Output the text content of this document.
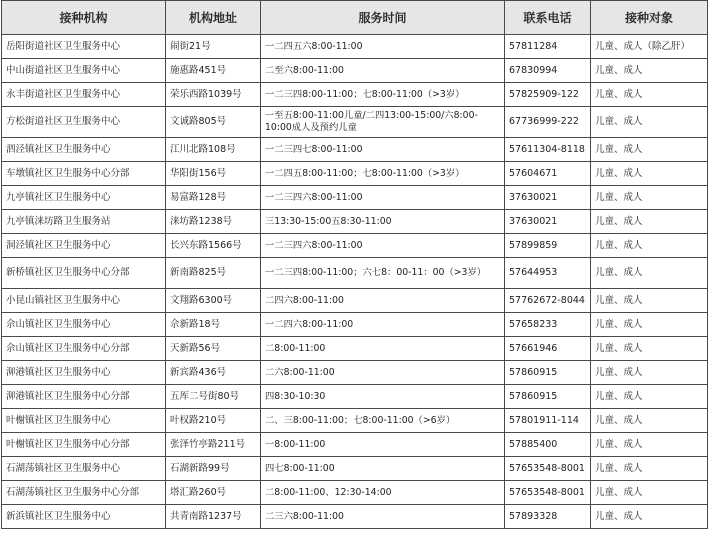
接种机构	机构地址	服务时间	联系电话	接种对象
岳阳街道社区卫生服务中心	闹街21号	一二四五六8:00-11:00	57811284	儿童、成人（除乙肝）
中山街道社区卫生服务中心	施惠路451号	二至六8:00-11:00	67830994	儿童、成人
永丰街道社区卫生服务中心	荣乐西路1039号	一二三四8:00-11:00；七8:00-11:00（>3岁）	57825909-122	儿童、成人
方松街道社区卫生服务中心	文诚路805号	一至五8:00-11:00儿童/二四13:00-15:00/六8:00-10:00成人及预约儿童	67736999-222	儿童、成人
泗泾镇社区卫生服务中心	江川北路108号	一二三四七8:00-11:00	57611304-8118	儿童、成人
车墩镇社区卫生服务中心分部	华阳街156号	一二四五8:00-11:00；七8:00-11:00（>3岁）	57604671	儿童、成人
九亭镇社区卫生服务中心	易富路128号	一二三四六8:00-11:00	37630021	儿童、成人
九亭镇涞坊路卫生服务站	涞坊路1238号	三13:30-15:00五8:30-11:00	37630021	儿童、成人
洞泾镇社区卫生服务中心	长兴东路1566号	一二三四六8:00-11:00	57899859	儿童、成人
新桥镇社区卫生服务中心分部	新南路825号	一二三四8:00-11:00；六七8：00-11：00（>3岁）	57644953	儿童、成人
小昆山镇社区卫生服务中心	文翔路6300号	二四六8:00-11:00	57762672-8044	儿童、成人
佘山镇社区卫生服务中心	佘新路18号	一二四六8:00-11:00	57658233	儿童、成人
佘山镇社区卫生服务中心分部	天新路56号	二8:00-11:00	57661946	儿童、成人
泖港镇社区卫生服务中心	新宾路436号	二六8:00-11:00	57860915	儿童、成人
泖港镇社区卫生服务中心分部	五厍二号街80号	四8:30-10:30	57860915	儿童、成人
叶榭镇社区卫生服务中心	叶权路210号	二、三8:00-11:00；七8:00-11:00（>6岁）	57801911-114	儿童、成人
叶榭镇社区卫生服务中心分部	张泽竹亭路211号	一8:00-11:00	57885400	儿童、成人
石湖荡镇社区卫生服务中心	石湖新路99号	四七8:00-11:00	57653548-8001	儿童、成人
石湖荡镇社区卫生服务中心分部	塔汇路260号	二8:00-11:00、12:30-14:00	57653548-8001	儿童、成人
新浜镇社区卫生服务中心	共青南路1237号	二三六8:00-11:00	57893328	儿童、成人
